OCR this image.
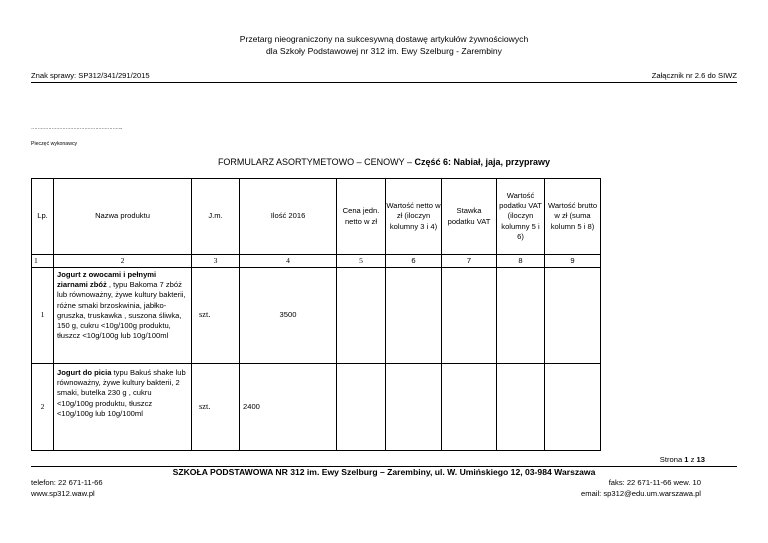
Przetarg nieograniczony na sukcesywną dostawę artykułów żywnościowych
dla Szkoły Podstawowej nr 312 im. Ewy Szelburg - Zarembiny
Znak sprawy: SP312/341/291/2015	Załącznik nr 2.6 do SIWZ
…………………………………………………..
Pieczęć wykonawcy
FORMULARZ ASORTYMETOWO – CENOWY – Część 6: Nabiał, jaja, przyprawy
Lp.	Nazwa produktu	J.m.	Ilość 2016	Cena jedn. netto w zł	Wartość netto w zł (iloczyn kolumny 3 i 4)	Stawka podatku VAT	Wartość podatku VAT (iloczyn kolumny 5 i 6)	Wartość brutto w zł (suma kolumn 5 i 8)
1	2	3	4	5	6	7	8	9
1	Jogurt z owocami i pełnymi ziarnami zbóż , typu Bakoma 7 zbóż lub równoważny, żywe kultury bakterii, różne smaki brzoskwinia, jabłko-gruszka, truskawka , suszona śliwka, 150 g, cukru <10g/100g produktu, tłuszcz <10g/100g lub 10g/100ml	szt.	3500					
2	Jogurt do picia typu Bakuś shake lub równoważny, żywe kultury bakterii, 2 smaki, butelka 230 g , cukru <10g/100g produktu, tłuszcz <10g/100g lub 10g/100ml	szt.	2400					
Strona 1 z 13
SZKOŁA PODSTAWOWA NR 312 im. Ewy Szelburg – Zarembiny, ul. W. Umińskiego 12, 03-984 Warszawa
telefon: 22 671-11-66
www.sp312.waw.pl
faks: 22 671-11-66 wew. 10
email: sp312@edu.um.warszawa.pl
